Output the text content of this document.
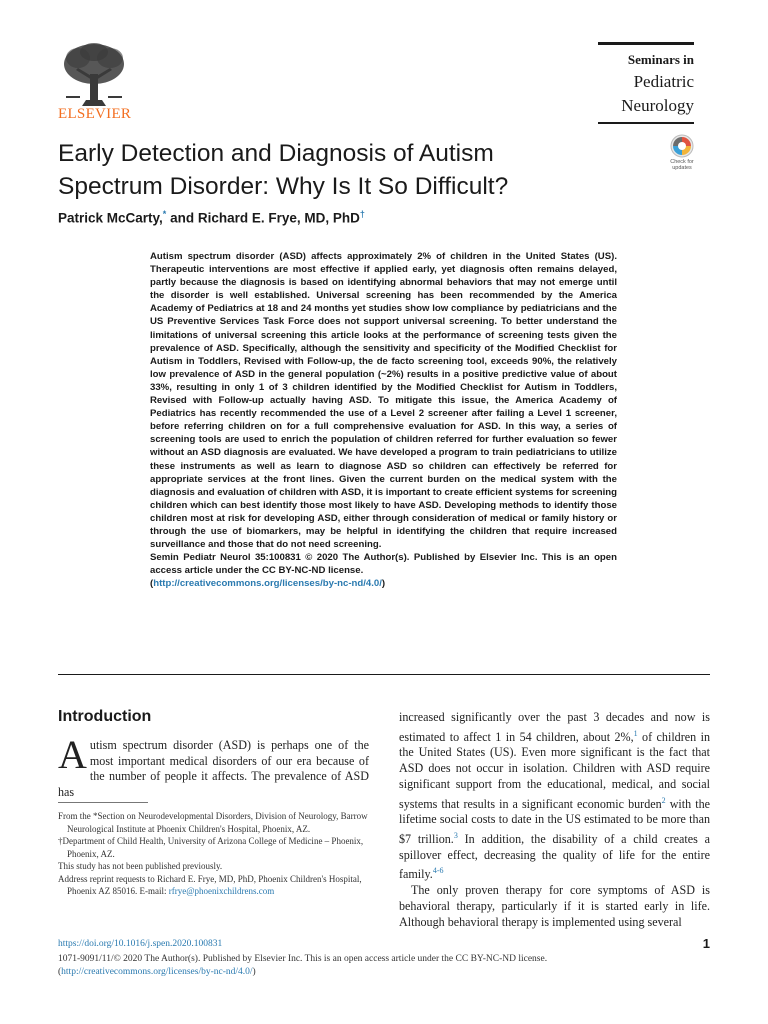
ELSEVIER
Seminars in
Pediatric
Neurology
Check for
updates
Early Detection and Diagnosis of Autism
Spectrum Disorder: Why Is It So Difficult?
Patrick McCarty,* and Richard E. Frye, MD, PhD†

Autism spectrum disorder (ASD) affects approximately 2% of children in the United States (US). Therapeutic interventions are most effective if applied early, yet diagnosis often remains delayed, partly because the diagnosis is based on identifying abnormal behaviors that may not emerge until the disorder is well established. Universal screening has been recommended by the America Academy of Pediatrics at 18 and 24 months yet studies show low compliance by pediatricians and the US Preventive Services Task Force does not support universal screening. To better understand the limitations of universal screening this article looks at the performance of screening tests given the prevalence of ASD. Specifically, although the sensitivity and specificity of the Modified Checklist for Autism in Toddlers, Revised with Follow-up, the de facto screening tool, exceeds 90%, the relatively low prevalence of ASD in the general population (~2%) results in a positive predictive value of about 33%, resulting in only 1 of 3 children identified by the Modified Checklist for Autism in Toddlers, Revised with Follow-up actually having ASD. To mitigate this issue, the America Academy of Pediatrics has recently recommended the use of a Level 2 screener after failing a Level 1 screener, before referring children on for a full comprehensive evaluation for ASD. In this way, a series of screening tools are used to enrich the population of children referred for further evaluation so fewer without an ASD diagnosis are evaluated. We have developed a program to train pediatricians to utilize these instruments as well as learn to diagnose ASD so children can effectively be referred for appropriate services at the front lines. Given the current burden on the medical system with the diagnosis and evaluation of children with ASD, it is important to create efficient systems for screening children which can best identify those most likely to have ASD. Developing methods to identify those children most at risk for developing ASD, either through consideration of medical or family history or through the use of biomarkers, may be helpful in identifying the children that require increased surveillance and those that do not need screening.

Semin Pediatr Neurol 35:100831 © 2020 The Author(s). Published by Elsevier Inc. This is an open access article under the CC BY-NC-ND license.

(http://creativecommons.org/licenses/by-nc-nd/4.0/)

Introduction

Autism spectrum disorder (ASD) is perhaps one of the most important medical disorders of our era because of the number of people it affects. The prevalence of ASD has

From the *Section on Neurodevelopmental Disorders, Division of Neurology, Barrow Neurological Institute at Phoenix Children's Hospital, Phoenix, AZ.

†Department of Child Health, University of Arizona College of Medicine – Phoenix, Phoenix, AZ.

This study has not been published previously.

Address reprint requests to Richard E. Frye, MD, PhD, Phoenix Children's Hospital, Phoenix AZ 85016. E-mail: rfrye@phoenixchildrens.com

increased significantly over the past 3 decades and now is estimated to affect 1 in 54 children, about 2%,$^1$ of children in the United States (US). Even more significant is the fact that ASD does not occur in isolation. Children with ASD require significant support from the educational, medical, and social systems that results in a significant economic burden$^2$ with the lifetime social costs to date in the US estimated to be more than $7 trillion.$^3$ In addition, the disability of a child creates a spillover effect, decreasing the quality of life for the entire family.$^{4-6}$

The only proven therapy for core symptoms of ASD is behavioral therapy, particularly if it is started early in life. Although behavioral therapy is implemented using several

https://doi.org/10.1016/j.spen.2020.100831	1
1071-9091/11/© 2020 The Author(s). Published by Elsevier Inc. This is an open access article under the CC BY-NC-ND license.
(http://creativecommons.org/licenses/by-nc-nd/4.0/)
